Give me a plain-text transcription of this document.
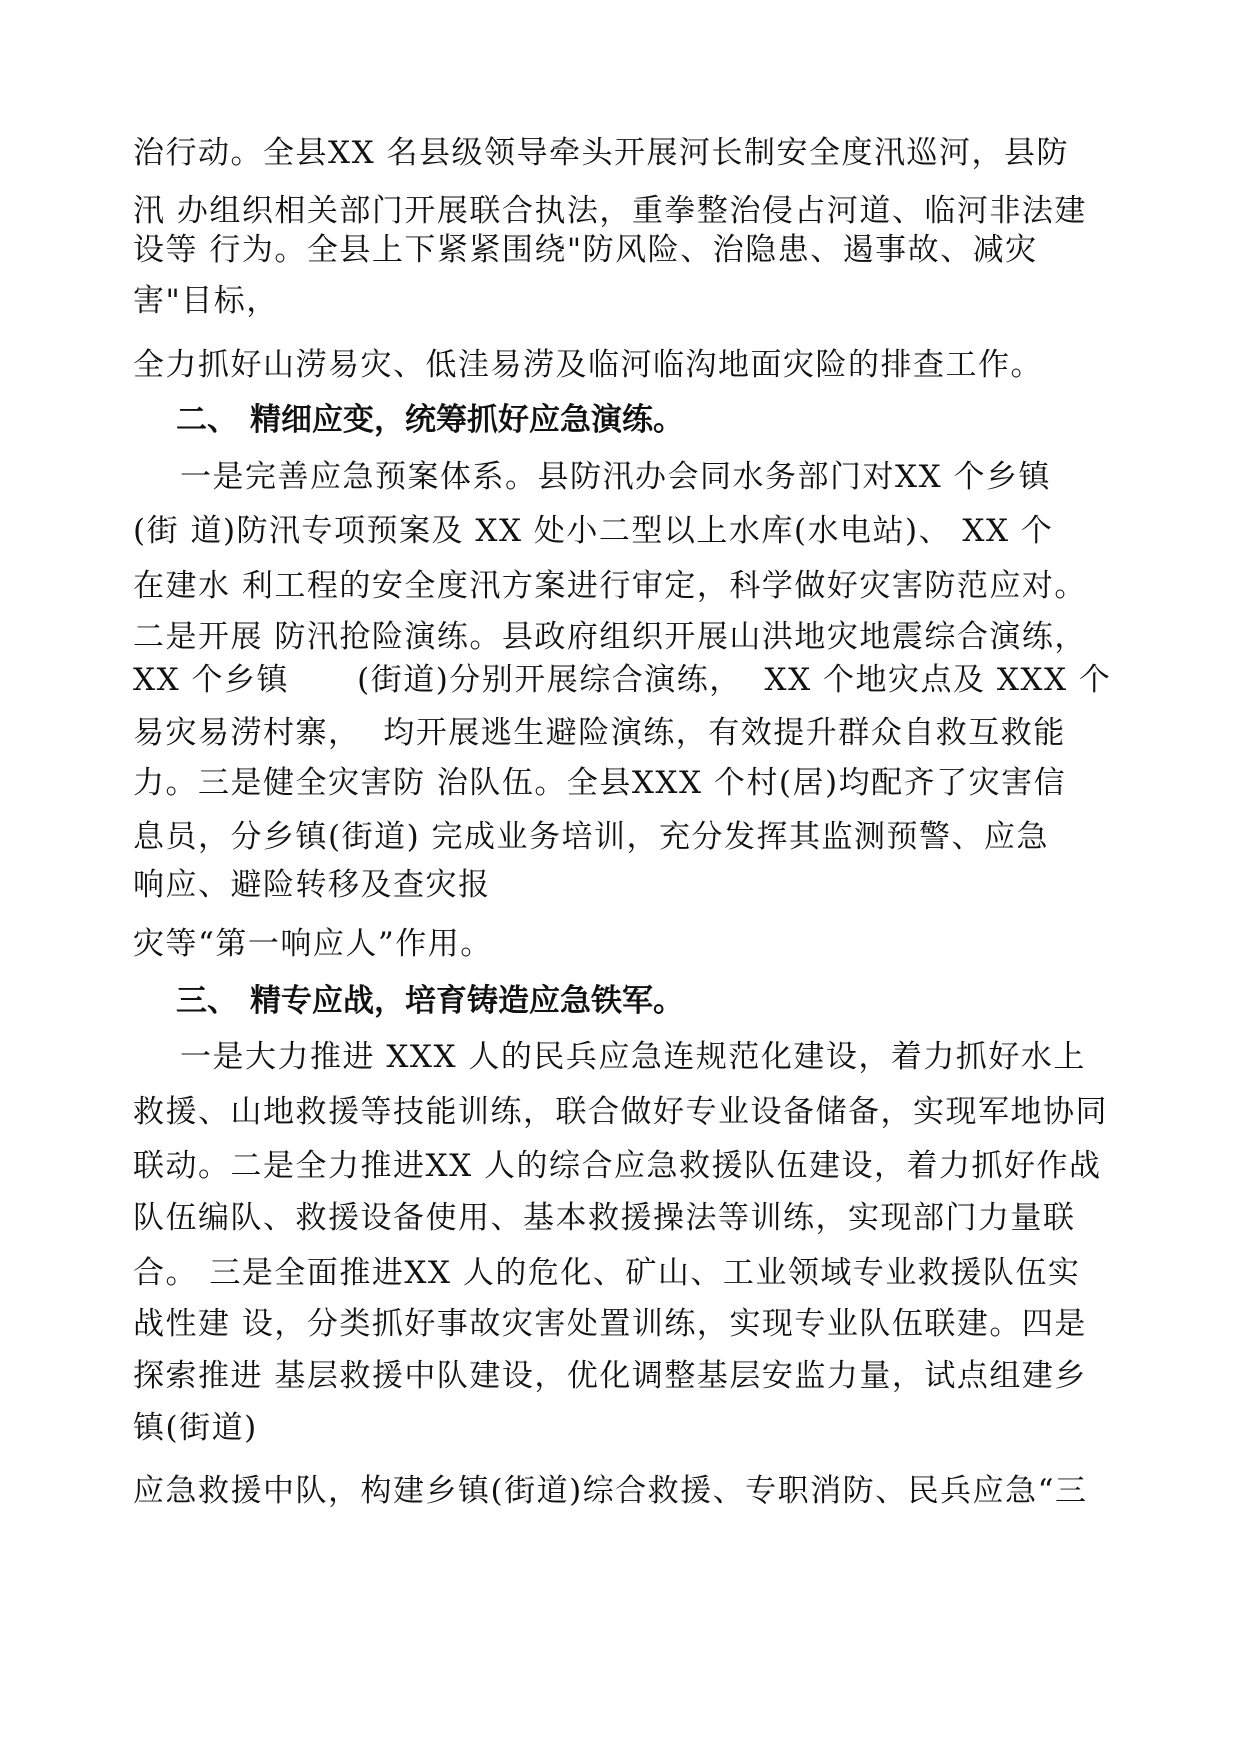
治行动。全县XX 名县级领导牵头开展河长制安全度汛巡河，县防
汛 办组织相关部门开展联合执法，重拳整治侵占河道、临河非法建
设等 行为。全县上下紧紧围绕"防风险、治隐患、遏事故、减灾
害"目标，
全力抓好山涝易灾、低洼易涝及临河临沟地面灾险的排查工作。
二、 精细应变，统筹抓好应急演练。
一是完善应急预案体系。县防汛办会同水务部门对XX 个乡镇
(街 道)防汛专项预案及 XX 处小二型以上水库(水电站)、 XX 个
在建水 利工程的安全度汛方案进行审定，科学做好灾害防范应对。
二是开展 防汛抢险演练。县政府组织开展山洪地灾地震综合演练，
XX 个乡镇      (街道)分别开展综合演练，  XX 个地灾点及 XXX 个
易灾易涝村寨，  均开展逃生避险演练，有效提升群众自救互救能
力。三是健全灾害防 治队伍。全县XXX 个村(居)均配齐了灾害信
息员，分乡镇(街道) 完成业务培训，充分发挥其监测预警、应急
响应、避险转移及查灾报
灾等“第一响应人”作用。
三、 精专应战，培育铸造应急铁军。
一是大力推进 XXX 人的民兵应急连规范化建设，着力抓好水上
救援、山地救援等技能训练，联合做好专业设备储备，实现军地协同
联动。二是全力推进XX 人的综合应急救援队伍建设，着力抓好作战
队伍编队、救援设备使用、基本救援操法等训练，实现部门力量联
合。 三是全面推进XX 人的危化、矿山、工业领域专业救援队伍实
战性建 设，分类抓好事故灾害处置训练，实现专业队伍联建。四是
探索推进 基层救援中队建设，优化调整基层安监力量，试点组建乡
镇(街道)
应急救援中队，构建乡镇(街道)综合救援、专职消防、民兵应急“三
